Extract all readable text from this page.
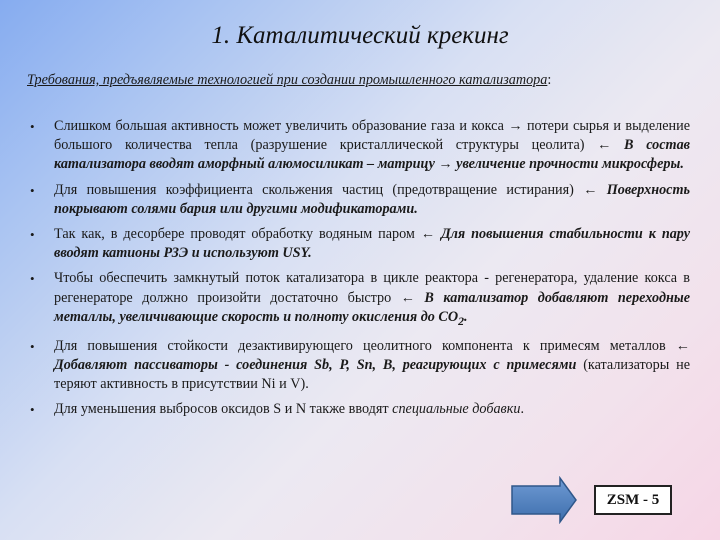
1. Каталитический крекинг
Требования, предъявляемые технологией при создании промышленного катализатора:
• Слишком большая активность может увеличить образование газа и кокса → потери сырья и выделение большого количества тепла (разрушение кристаллической структуры цеолита) ← В состав катализатора вводят аморфный алюмосиликат – матрицу → увеличение прочности микросферы.
• Для повышения коэффициента скольжения частиц (предотвращение истирания) ← Поверхность покрывают солями бария или другими модификаторами.
• Так как, в десорбере проводят обработку водяным паром ← Для повышения стабильности к пару вводят катионы РЗЭ и используют USY.
• Чтобы обеспечить замкнутый поток катализатора в цикле реактора - регенератора, удаление кокса в регенераторе должно произойти достаточно быстро ← В катализатор добавляют переходные металлы, увеличивающие скорость и полноту окисления до $СО_2$.
• Для повышения стойкости дезактивирующего цеолитного компонента к примесям металлов ← Добавляют пассиваторы - соединения Sb, P, Sn, B, реагирующих с примесями (катализаторы не теряют активность в присутствии Ni и V).
• Для уменьшения выбросов оксидов S и N также вводят специальные добавки.
ZSM - 5
